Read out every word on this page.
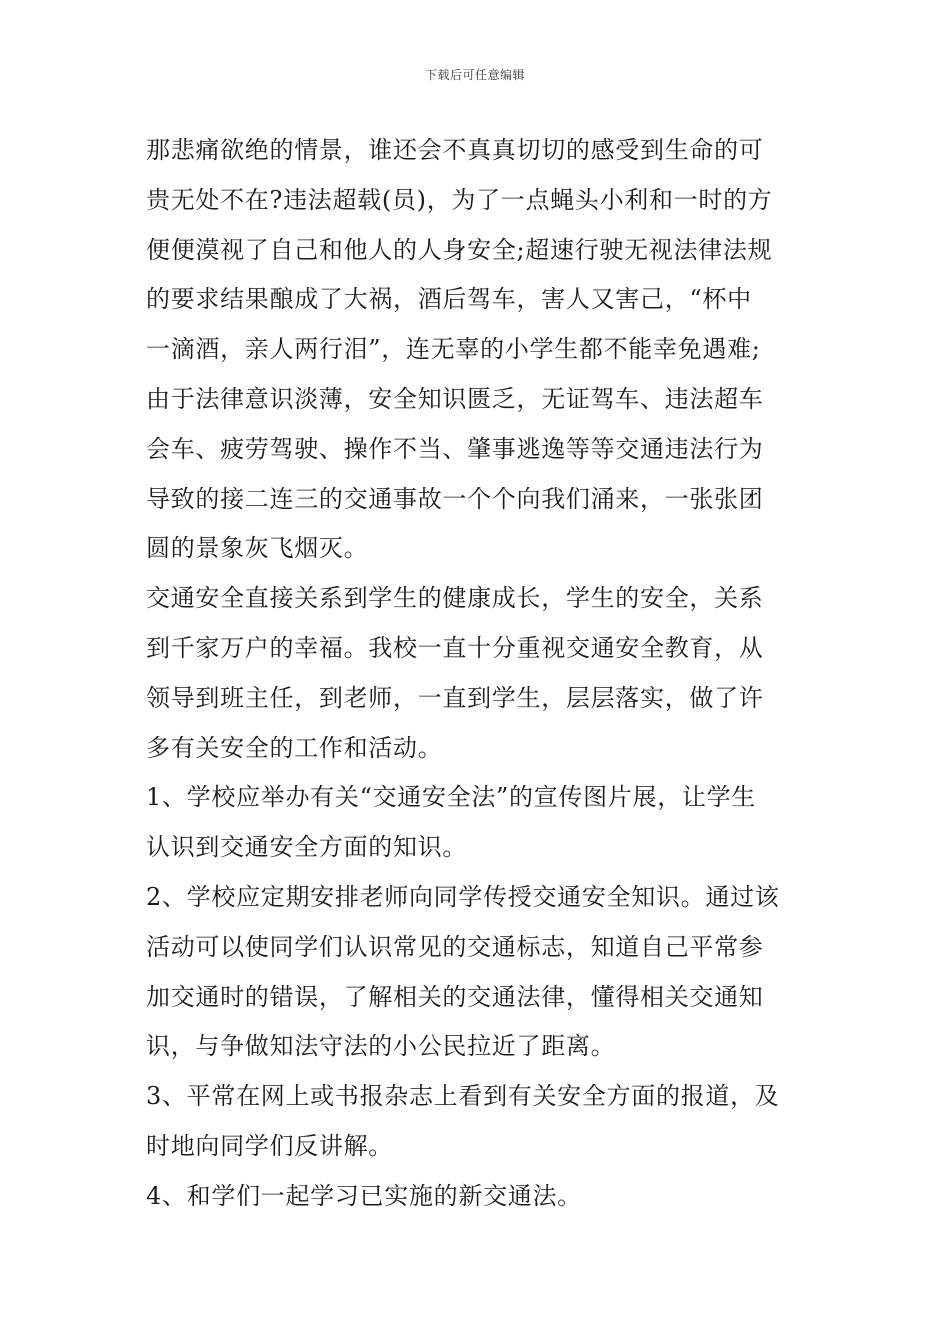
下载后可任意编辑

那悲痛欲绝的情景，谁还会不真真切切的感受到生命的可
贵无处不在?违法超载(员)，为了一点蝇头小利和一时的方
便便漠视了自己和他人的人身安全;超速行驶无视法律法规
的要求结果酿成了大祸，酒后驾车，害人又害己，“杯中
一滴酒，亲人两行泪”，连无辜的小学生都不能幸免遇难;
由于法律意识淡薄，安全知识匮乏，无证驾车、违法超车
会车、疲劳驾驶、操作不当、肇事逃逸等等交通违法行为
导致的接二连三的交通事故一个个向我们涌来，一张张团
圆的景象灰飞烟灭。

交通安全直接关系到学生的健康成长，学生的安全，关系
到千家万户的幸福。我校一直十分重视交通安全教育，从
领导到班主任，到老师，一直到学生，层层落实，做了许
多有关安全的工作和活动。

1、学校应举办有关“交通安全法”的宣传图片展，让学生
认识到交通安全方面的知识。

2、学校应定期安排老师向同学传授交通安全知识。通过该
活动可以使同学们认识常见的交通标志，知道自己平常参
加交通时的错误，了解相关的交通法律，懂得相关交通知
识，与争做知法守法的小公民拉近了距离。

3、平常在网上或书报杂志上看到有关安全方面的报道，及
时地向同学们反讲解。

4、和学们一起学习已实施的新交通法。
